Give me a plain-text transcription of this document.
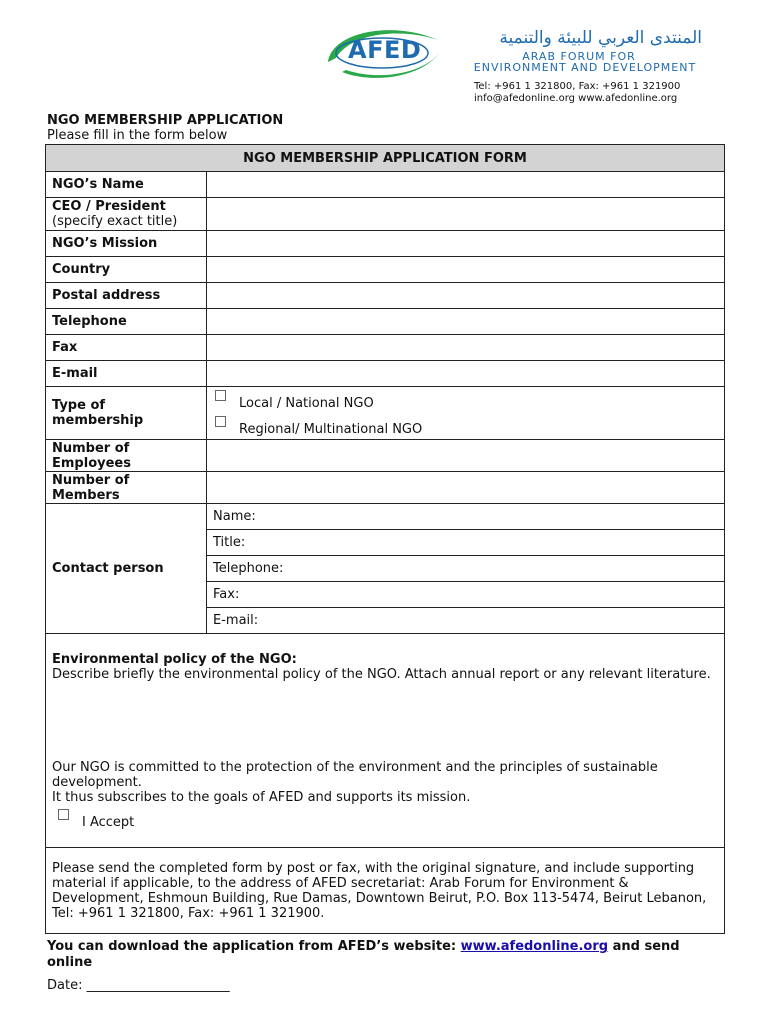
AFED	المنتدى العربي للبيئة والتنمية
ARAB FORUM FOR
ENVIRONMENT AND DEVELOPMENT
Tel: +961 1 321800, Fax: +961 1 321900
info@afedonline.org www.afedonline.org
NGO MEMBERSHIP APPLICATION
Please fill in the form below
NGO MEMBERSHIP APPLICATION FORM	
NGO’s Name	

CEO / President
(specify exact title)	

NGO’s Mission	
Country	
Postal address	
Telephone	
Fax	
E-mail	
Type of membership	Local / National NGO
Regional/ Multinational NGO

Number of Employees	
Number of Members	
Contact person	Name:
	Title:
	Telephone:
	Fax:
	E-mail:

Environmental policy of the NGO:
Describe briefly the environmental policy of the NGO. Attach annual report or any relevant literature.
Our NGO is committed to the protection of the environment and the principles of sustainable development.
It thus subscribes to the goals of AFED and supports its mission.
I Accept	

Please send the completed form by post or fax, with the original signature, and include supporting material if applicable, to the address of AFED secretariat: Arab Forum for Environment & Development, Eshmoun Building, Rue Damas, Downtown Beirut, P.O. Box 113-5474, Beirut Lebanon,
Tel: +961 1 321800, Fax: +961 1 321900.	
You can download the application from AFED’s website: www.afedonline.org and send online
Date: ______________________
